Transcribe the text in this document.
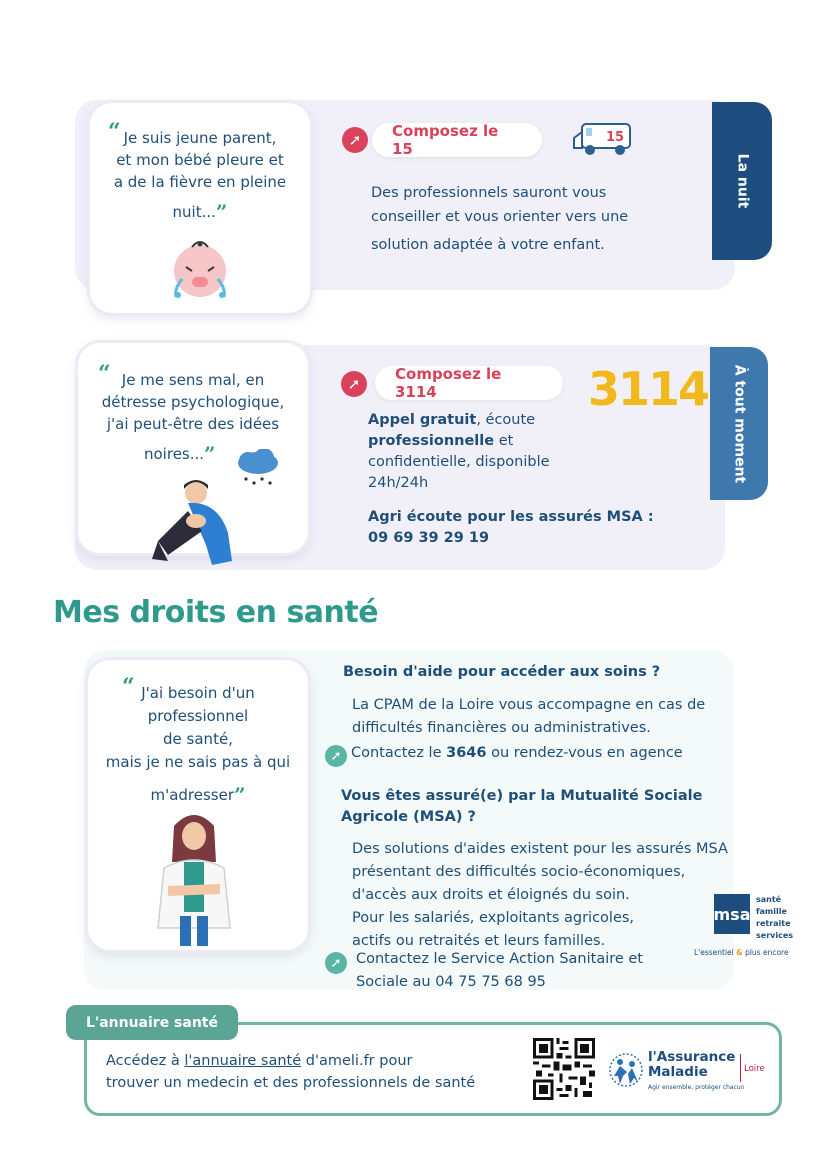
La nuit
“ Je suis jeune parent,
et mon bébé pleure et
a de la fièvre en pleine
nuit...”
➚	Composez le 15
15
Des professionnels sauront vous
conseiller et vous orienter vers une
solution adaptée à votre enfant.
À tout moment
“ Je me sens mal, en
détresse psychologique,
j'ai peut-être des idées
noires...”
➚
Composez le 3114	3114
Appel gratuit, écoute
professionnelle et
confidentielle, disponible
24h/24h
Agri écoute pour les assurés MSA :
09 69 39 29 19
Mes droits en santé
“ J'ai besoin d'un
professionnel
de santé,
mais je ne sais pas à qui
m'adresser”
Besoin d'aide pour accéder aux soins ?
La CPAM de la Loire vous accompagne en cas de
difficultés financières ou administratives.
➚ Contactez le 3646 ou rendez-vous en agence
Vous êtes assuré(e) par la Mutualité Sociale
Agricole (MSA) ?
Des solutions d'aides existent pour les assurés MSA
présentant des difficultés socio-économiques,
d'accès aux droits et éloignés du soin.
Pour les salariés, exploitants agricoles,
actifs ou retraités et leurs familles.
➚	Contactez le Service Action Sanitaire et
Sociale au 04 75 75 68 95
msa
santé
famille
retraite
services
L'essentiel & plus encore
L'annuaire santé
Accédez à l'annuaire santé d'ameli.fr pour
trouver un medecin et des professionnels de santé
l'Assurance
Maladie
Agir ensemble, protéger chacun
Loire
